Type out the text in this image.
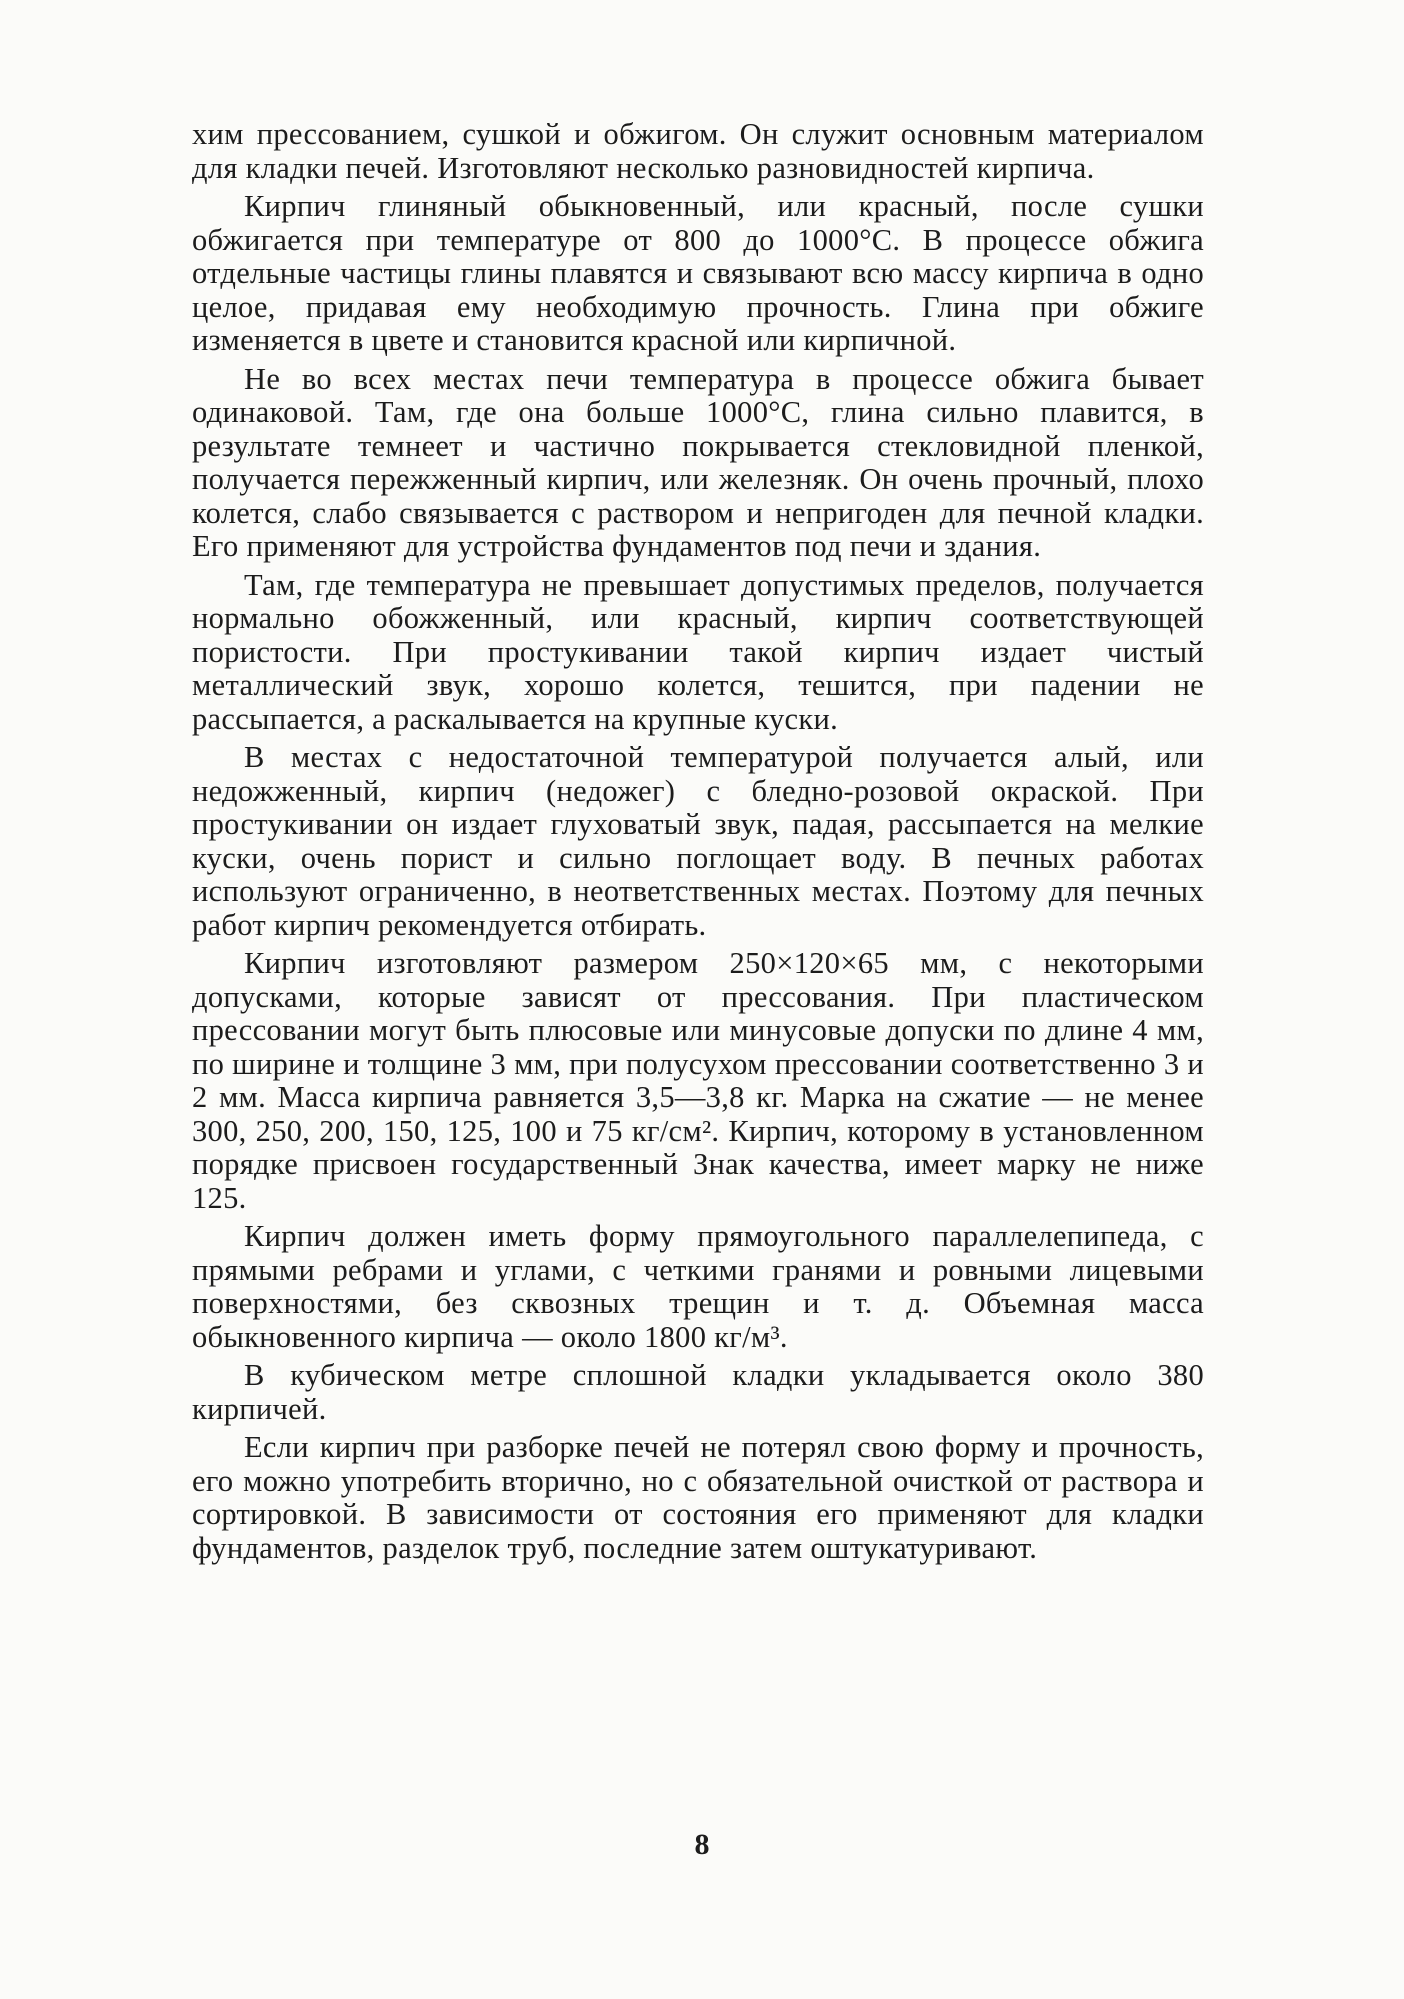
хим прессованием, сушкой и обжигом. Он служит основным материалом для кладки печей. Изготовляют несколько разновидностей кирпича.

Кирпич глиняный обыкновенный, или красный, после сушки обжигается при температуре от 800 до 1000°С. В процессе обжига отдельные частицы глины плавятся и связывают всю массу кирпича в одно целое, придавая ему необходимую прочность. Глина при обжиге изменяется в цвете и становится красной или кирпичной.

Не во всех местах печи температура в процессе обжига бывает одинаковой. Там, где она больше 1000°С, глина сильно плавится, в результате темнеет и частично покрывается стекловидной пленкой, получается пережженный кирпич, или железняк. Он очень прочный, плохо колется, слабо связывается с раствором и непригоден для печной кладки. Его применяют для устройства фундаментов под печи и здания.

Там, где температура не превышает допустимых пределов, получается нормально обожженный, или красный, кирпич соответствующей пористости. При простукивании такой кирпич издает чистый металлический звук, хорошо колется, тешится, при падении не рассыпается, а раскалывается на крупные куски.

В местах с недостаточной температурой получается алый, или недожженный, кирпич (недожег) с бледно-розовой окраской. При простукивании он издает глуховатый звук, падая, рассыпается на мелкие куски, очень порист и сильно поглощает воду. В печных работах используют ограниченно, в неответственных местах. Поэтому для печных работ кирпич рекомендуется отбирать.

Кирпич изготовляют размером 250×120×65 мм, с некоторыми допусками, которые зависят от прессования. При пластическом прессовании могут быть плюсовые или минусовые допуски по длине 4 мм, по ширине и толщине 3 мм, при полусухом прессовании соответственно 3 и 2 мм. Масса кирпича равняется 3,5—3,8 кг. Марка на сжатие — не менее 300, 250, 200, 150, 125, 100 и 75 кг/см². Кирпич, которому в установленном порядке присвоен государственный Знак качества, имеет марку не ниже 125.

Кирпич должен иметь форму прямоугольного параллелепипеда, с прямыми ребрами и углами, с четкими гранями и ровными лицевыми поверхностями, без сквозных трещин и т. д. Объемная масса обыкновенного кирпича — около 1800 кг/м³.

В кубическом метре сплошной кладки укладывается около 380 кирпичей.

Если кирпич при разборке печей не потерял свою форму и прочность, его можно употребить вторично, но с обязательной очисткой от раствора и сортировкой. В зависимости от состояния его применяют для кладки фундаментов, разделок труб, последние затем оштукатуривают.

8
